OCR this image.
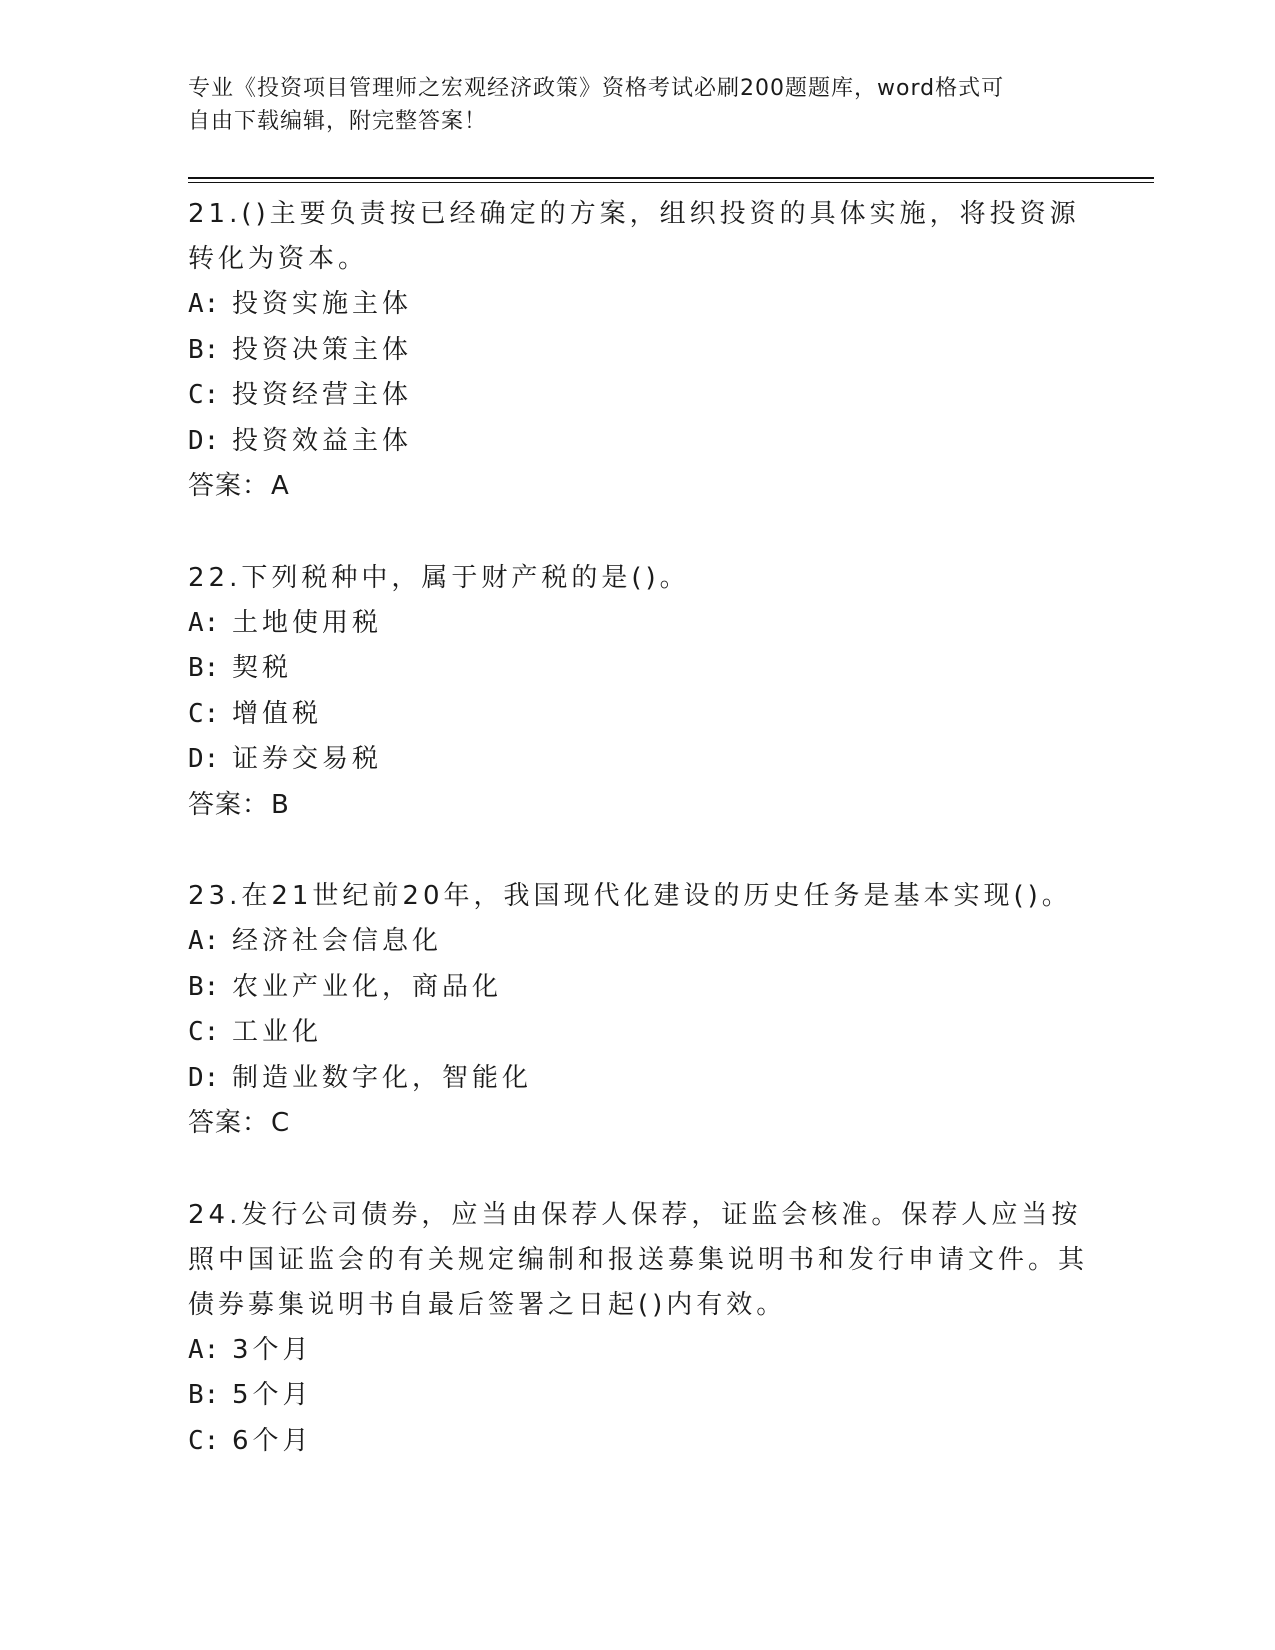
专业《投资项目管理师之宏观经济政策》资格考试必刷200题题库，word格式可
自由下载编辑，附完整答案！

21.()主要负责按已经确定的方案，组织投资的具体实施，将投资源转化为资本。

A: 投资实施主体
B: 投资决策主体
C: 投资经营主体
D: 投资效益主体
答案：A

22.下列税种中，属于财产税的是()。

A: 土地使用税
B: 契税
C: 增值税
D: 证券交易税
答案：B

23.在21世纪前20年，我国现代化建设的历史任务是基本实现()。

A: 经济社会信息化
B: 农业产业化，商品化
C: 工业化
D: 制造业数字化，智能化
答案：C

24.发行公司债券，应当由保荐人保荐，证监会核准。保荐人应当按照中国证监会的有关规定编制和报送募集说明书和发行申请文件。其债券募集说明书自最后签署之日起()内有效。

A: 3个月
B: 5个月
C: 6个月
